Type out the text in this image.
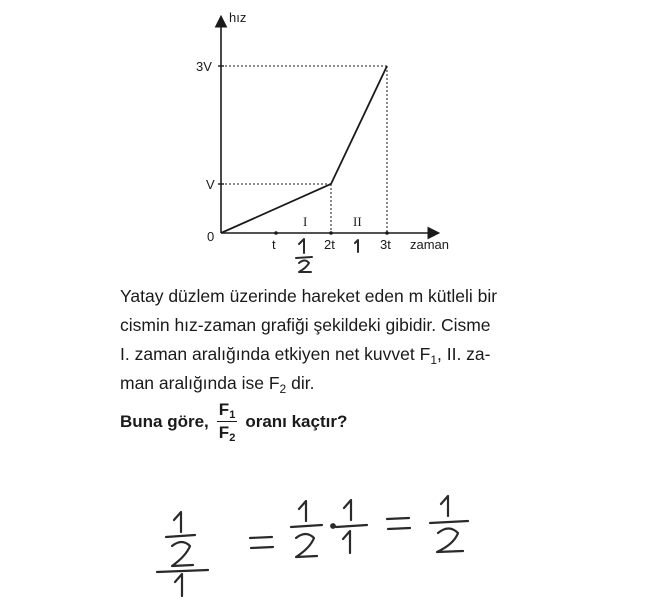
hız
zaman
3V
V
0
t	2t	3t
I	II
Yatay düzlem üzerinde hareket eden m kütleli bir
cismin hız-zaman grafiği şekildeki gibidir. Cisme
I. zaman aralığında etkiyen net kuvvet $F_1$, II. za-
man aralığında ise $F_2$ dir.
Buna göre, $\frac{F_1}{F_2}$ oranı kaçtır?
